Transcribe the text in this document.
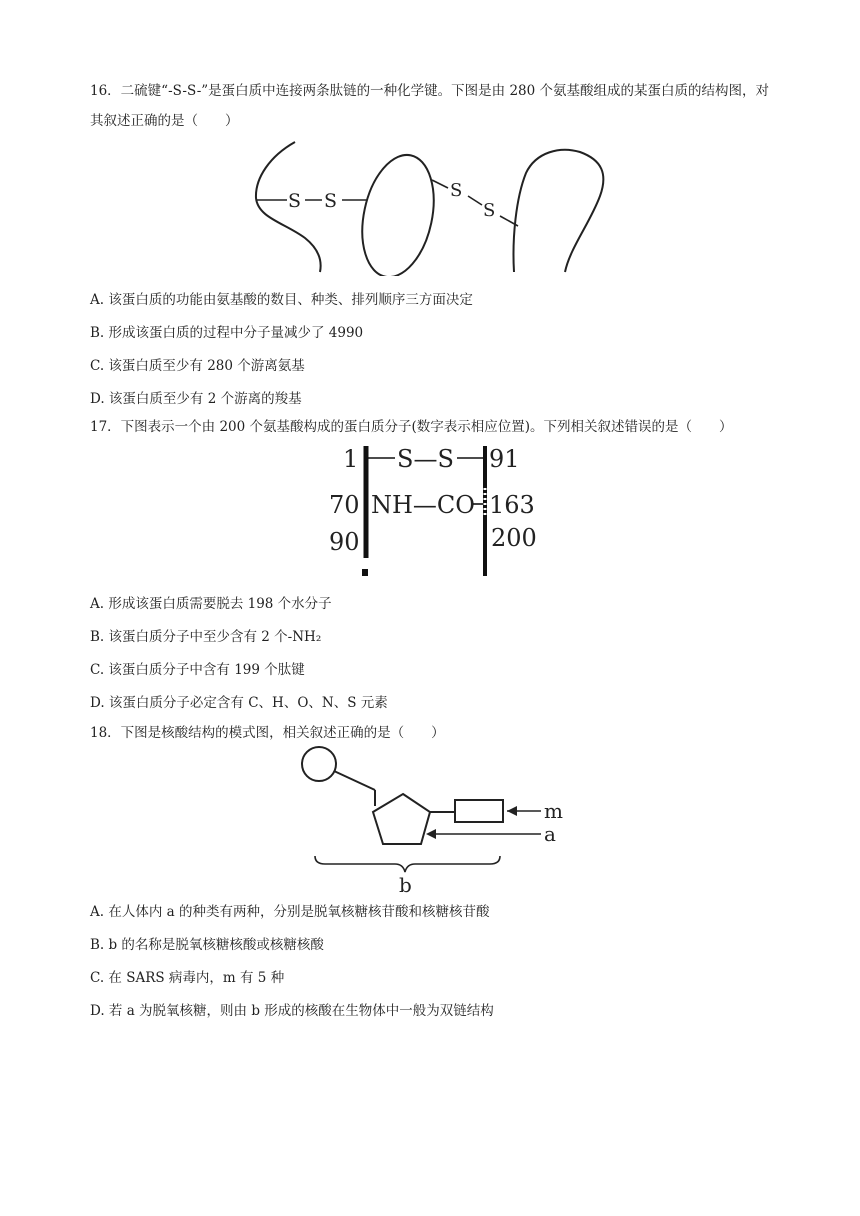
16．二硫键“-S-S-”是蛋白质中连接两条肽链的一种化学键。下图是由 280 个氨基酸组成的某蛋白质的结构图，对其叙述正确的是（　　）
S S	S
S
A. 该蛋白质的功能由氨基酸的数目、种类、排列顺序三方面决定
B. 形成该蛋白质的过程中分子量减少了 4990
C. 该蛋白质至少有 280 个游离氨基
D. 该蛋白质至少有 2 个游离的羧基
17．下图表示一个由 200 个氨基酸构成的蛋白质分子(数字表示相应位置)。下列相关叙述错误的是（　　）
1
70
90
91
163
200
S—S
NH—CO
A. 形成该蛋白质需要脱去 198 个水分子
B. 该蛋白质分子中至少含有 2 个-NH₂
C. 该蛋白质分子中含有 199 个肽键
D. 该蛋白质分子必定含有 C、H、O、N、S 元素
18．下图是核酸结构的模式图，相关叙述正确的是（　　）
m
a
b
A. 在人体内 a 的种类有两种，分别是脱氧核糖核苷酸和核糖核苷酸
B. b 的名称是脱氧核糖核酸或核糖核酸
C. 在 SARS 病毒内，m 有 5 种
D. 若 a 为脱氧核糖，则由 b 形成的核酸在生物体中一般为双链结构
